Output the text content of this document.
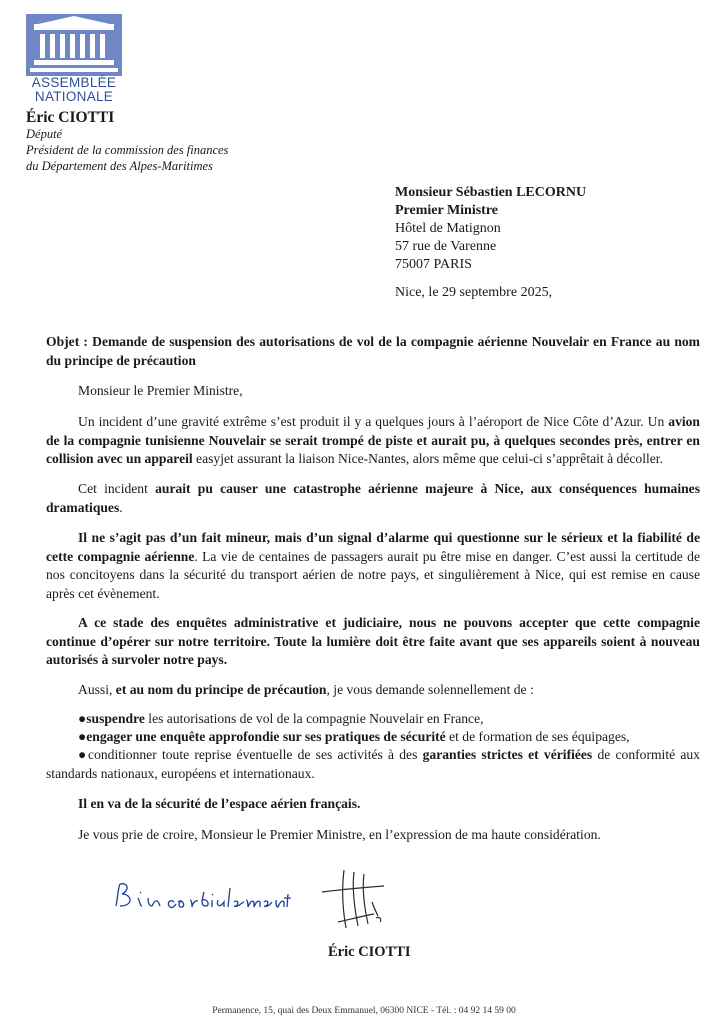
ASSEMBLÉE
NATIONALE
Éric CIOTTI
Député
Président de la commission des finances
du Département des Alpes-Maritimes
Monsieur Sébastien LECORNU
Premier Ministre
Hôtel de Matignon
57 rue de Varenne
75007 PARIS
Nice, le 29 septembre 2025,
Objet : Demande de suspension des autorisations de vol de la compagnie aérienne Nouvelair en France au nom du principe de précaution
Monsieur le Premier Ministre,
Un incident d’une gravité extrême s’est produit il y a quelques jours à l’aéroport de Nice Côte d’Azur. Un avion de la compagnie tunisienne Nouvelair se serait trompé de piste et aurait pu, à quelques secondes près, entrer en collision avec un appareil easyjet assurant la liaison Nice-Nantes, alors même que celui-ci s’apprêtait à décoller.
Cet incident aurait pu causer une catastrophe aérienne majeure à Nice, aux conséquences humaines dramatiques.
Il ne s’agit pas d’un fait mineur, mais d’un signal d’alarme qui questionne sur le sérieux et la fiabilité de cette compagnie aérienne. La vie de centaines de passagers aurait pu être mise en danger. C’est aussi la certitude de nos concitoyens dans la sécurité du transport aérien de notre pays, et singulièrement à Nice, qui est remise en cause après cet évènement.
A ce stade des enquêtes administrative et judiciaire, nous ne pouvons accepter que cette compagnie continue d’opérer sur notre territoire. Toute la lumière doit être faite avant que ses appareils soient à nouveau autorisés à survoler notre pays.
Aussi, et au nom du principe de précaution, je vous demande solennellement de :
●suspendre les autorisations de vol de la compagnie Nouvelair en France,
●engager une enquête approfondie sur ses pratiques de sécurité et de formation de ses équipages,
●conditionner toute reprise éventuelle de ses activités à des garanties strictes et vérifiées de conformité aux standards nationaux, européens et internationaux.
Il en va de la sécurité de l’espace aérien français.
Je vous prie de croire, Monsieur le Premier Ministre, en l’expression de ma haute considération.
Éric CIOTTI
Permanence, 15, quai des Deux Emmanuel, 06300 NICE - Tél. : 04 92 14 59 00
